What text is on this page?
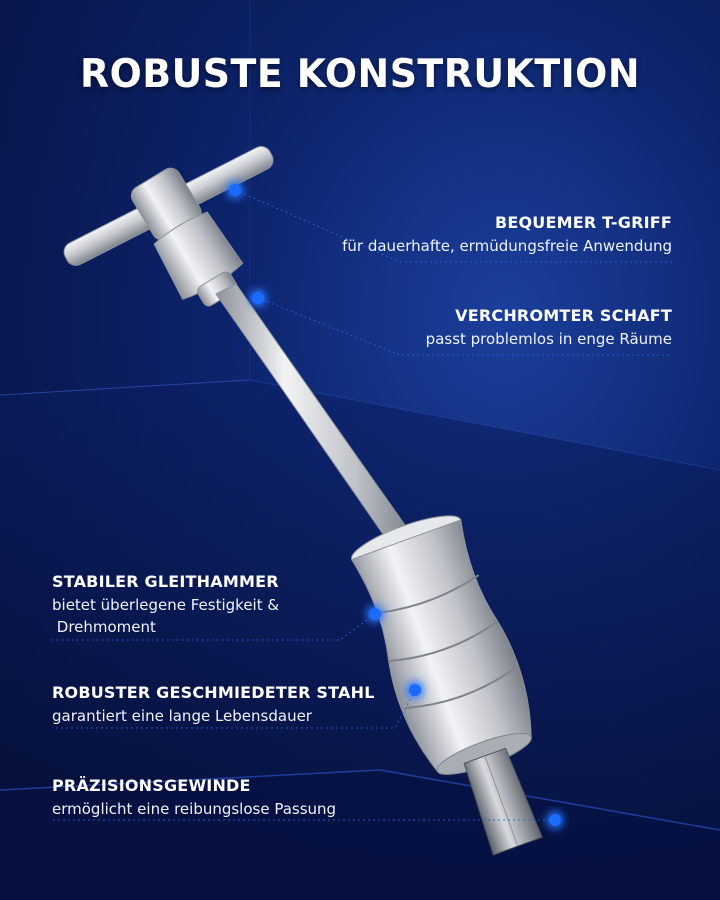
ROBUSTE KONSTRUKTION
BEQUEMER T-GRIFF
für dauerhafte, ermüdungsfreie Anwendung
VERCHROMTER SCHAFT
passt problemlos in enge Räume
STABILER GLEITHAMMER
bietet überlegene Festigkeit &
Drehmoment
ROBUSTER GESCHMIEDETER STAHL
garantiert eine lange Lebensdauer
PRÄZISIONSGEWINDE
ermöglicht eine reibungslose Passung
